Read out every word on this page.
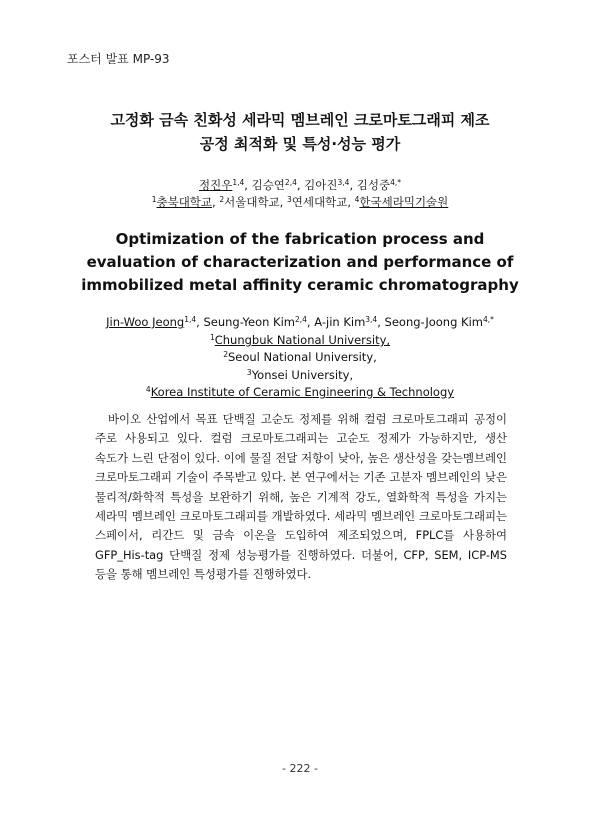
포스터 발표 MP-93
고정화 금속 친화성 세라믹 멤브레인 크로마토그래피 제조
공정 최적화 및 특성·성능 평가
정진우$^{1,4}$, 김승연$^{2,4}$, 김아진$^{3,4}$, 김성중$^{4,*}$
$^1$충북대학교, $^2$서울대학교, $^3$연세대학교, $^4$한국세라믹기술원
Optimization of the fabrication process and evaluation of characterization and performance of immobilized metal affinity ceramic chromatography
Jin-Woo Jeong$^{1,4}$, Seung-Yeon Kim$^{2,4}$, A-jin Kim$^{3,4}$, Seong-Joong Kim$^{4,*}$
$^1$Chungbuk National University,
$^2$Seoul National University,
$^3$Yonsei University,
$^4$Korea Institute of Ceramic Engineering & Technology

바이오 산업에서 목표 단백질 고순도 정제를 위해 컬럼 크로마토그래피 공정이 주로 사용되고 있다. 컬럼 크로마토그래피는 고순도 정제가 가능하지만, 생산 속도가 느린 단점이 있다. 이에 물질 전달 저항이 낮아, 높은 생산성을 갖는멤브레인 크로마토그래피 기술이 주목받고 있다. 본 연구에서는 기존 고분자 멤브레인의 낮은 물리적/화학적 특성을 보완하기 위해, 높은 기계적 강도, 열화학적 특성을 가지는 세라믹 멤브레인 크로마토그래피를 개발하였다. 세라믹 멤브레인 크로마토그래피는 스페이서, 리간드 및 금속 이온을 도입하여 제조되었으며, FPLC를 사용하여 GFP_His-tag 단백질 정제 성능평가를 진행하였다. 더불어, CFP, SEM, ICP-MS 등을 통해 멤브레인 특성평가를 진행하였다.

- 222 -
